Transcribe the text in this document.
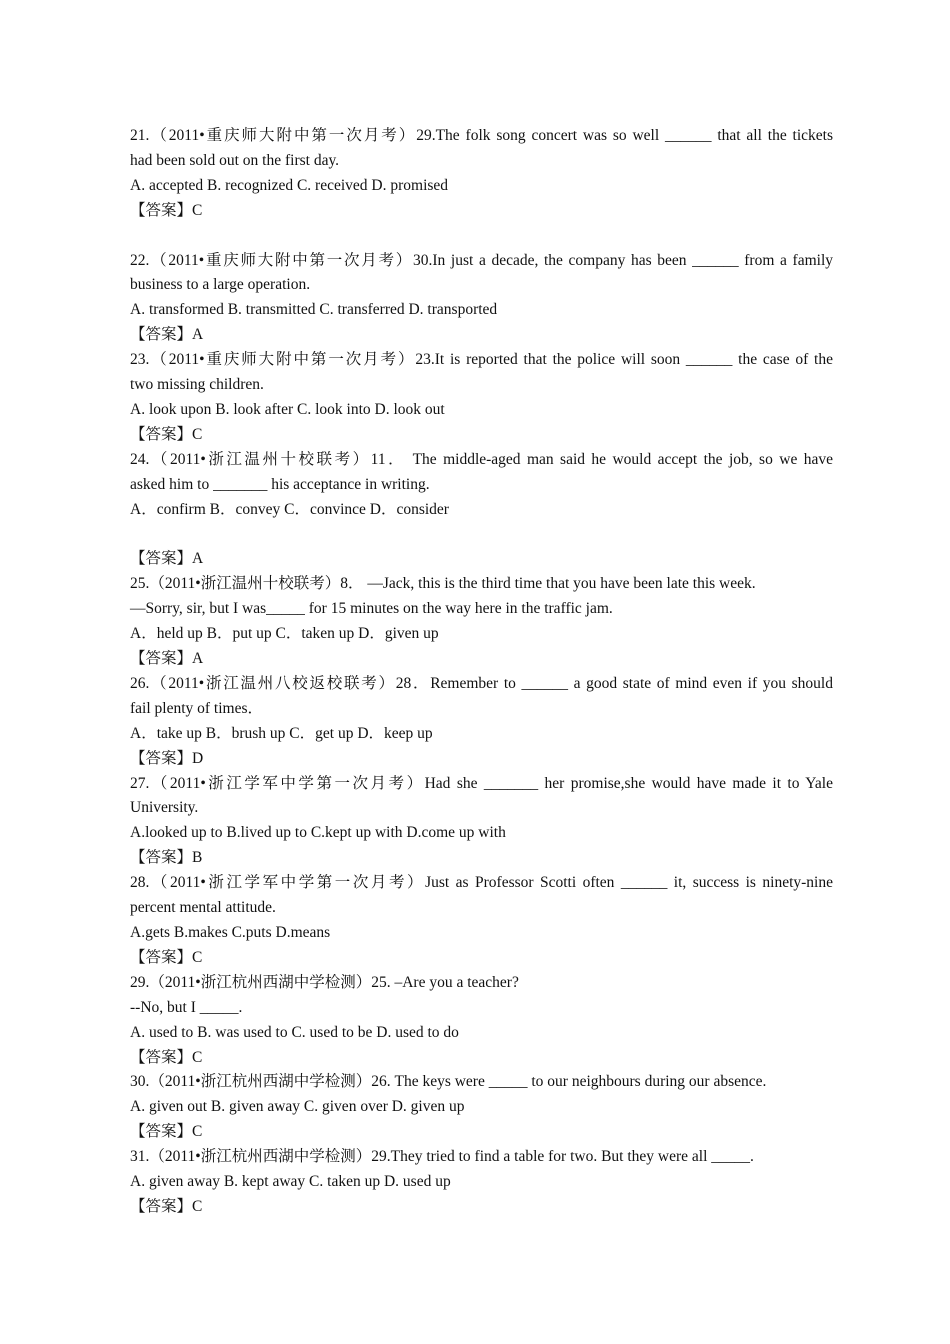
21.（2011•重庆师大附中第一次月考）29.The folk song concert was so well ______ that all the tickets
had been sold out on the first day.
A. accepted B. recognized C. received D. promised
【答案】C
22.（2011•重庆师大附中第一次月考）30.In just a decade, the company has been ______ from a family
business to a large operation.
A. transformed B. transmitted C. transferred D. transported
【答案】A
23.（2011•重庆师大附中第一次月考）23.It is reported that the police will soon ______ the case of the
two missing children.
A. look upon B. look after C. look into D. look out
【答案】C
24.（2011•浙江温州十校联考）11． The middle-aged man said he would accept the job, so we have
asked him to _______ his acceptance in writing.
A．confirm B．convey C．convince D．consider
【答案】A
25.（2011•浙江温州十校联考）8． —Jack, this is the third time that you have been late this week.
—Sorry, sir, but I was_____ for 15 minutes on the way here in the traffic jam.
A．held up B．put up C．taken up D．given up
【答案】A
26.（2011•浙江温州八校返校联考）28．Remember to ______ a good state of mind even if you should
fail plenty of times．
A．take up B．brush up C．get up D．keep up
【答案】D
27.（2011•浙江学军中学第一次月考）Had she _______ her promise,she would have made it to Yale
University.
A.looked up to B.lived up to C.kept up with D.come up with
【答案】B
28.（2011•浙江学军中学第一次月考）Just as Professor Scotti often ______ it, success is ninety-nine
percent mental attitude.
A.gets B.makes C.puts D.means
【答案】C
29.（2011•浙江杭州西湖中学检测）25. –Are you a teacher?
--No, but I _____.
A. used to B. was used to C. used to be D. used to do
【答案】C
30.（2011•浙江杭州西湖中学检测）26. The keys were _____ to our neighbours during our absence.
A. given out B. given away C. given over D. given up
【答案】C
31.（2011•浙江杭州西湖中学检测）29.They tried to find a table for two. But they were all _____.
A. given away B. kept away C. taken up D. used up
【答案】C
